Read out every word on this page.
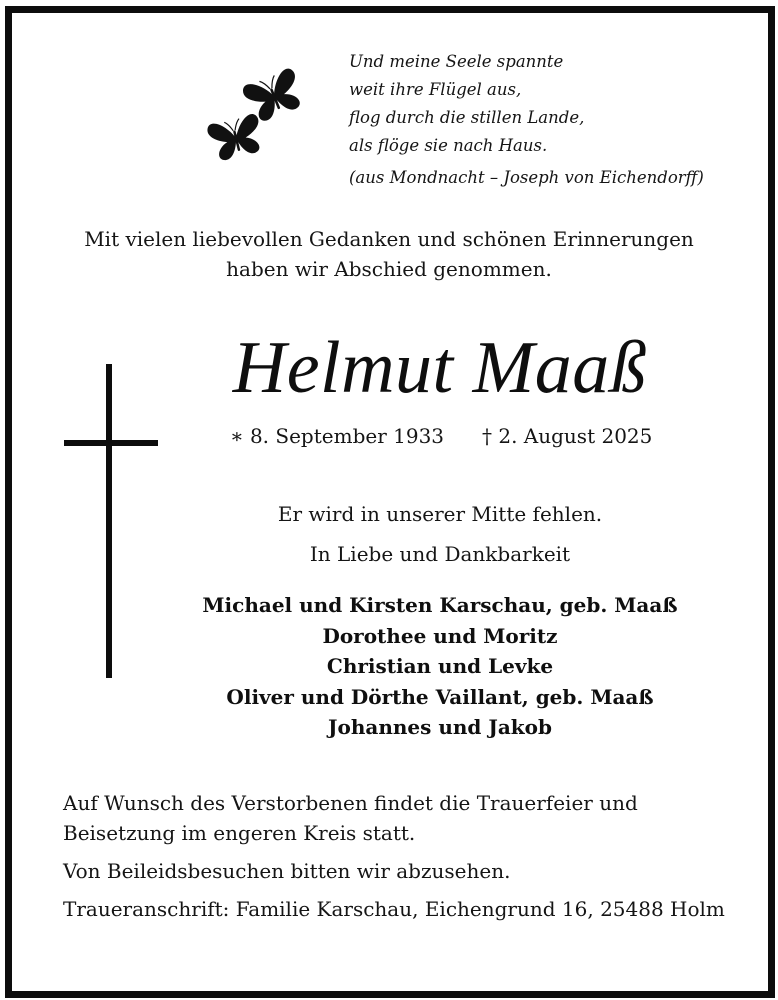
Und meine Seele spannte
weit ihre Flügel aus,
flog durch die stillen Lande,
als flöge sie nach Haus.
(aus Mondnacht – Joseph von Eichendorff)
Mit vielen liebevollen Gedanken und schönen Erinnerungen
haben wir Abschied genommen.
Helmut Maaß
∗ 8. September 1933 † 2. August 2025
Er wird in unserer Mitte fehlen.
In Liebe und Dankbarkeit
Michael und Kirsten Karschau, geb. Maaß
Dorothee und Moritz
Christian und Levke
Oliver und Dörthe Vaillant, geb. Maaß
Johannes und Jakob

Auf Wunsch des Verstorbenen findet die Trauerfeier und Beisetzung im engeren Kreis statt.

Von Beileidsbesuchen bitten wir abzusehen.

Traueranschrift: Familie Karschau, Eichengrund 16, 25488 Holm
